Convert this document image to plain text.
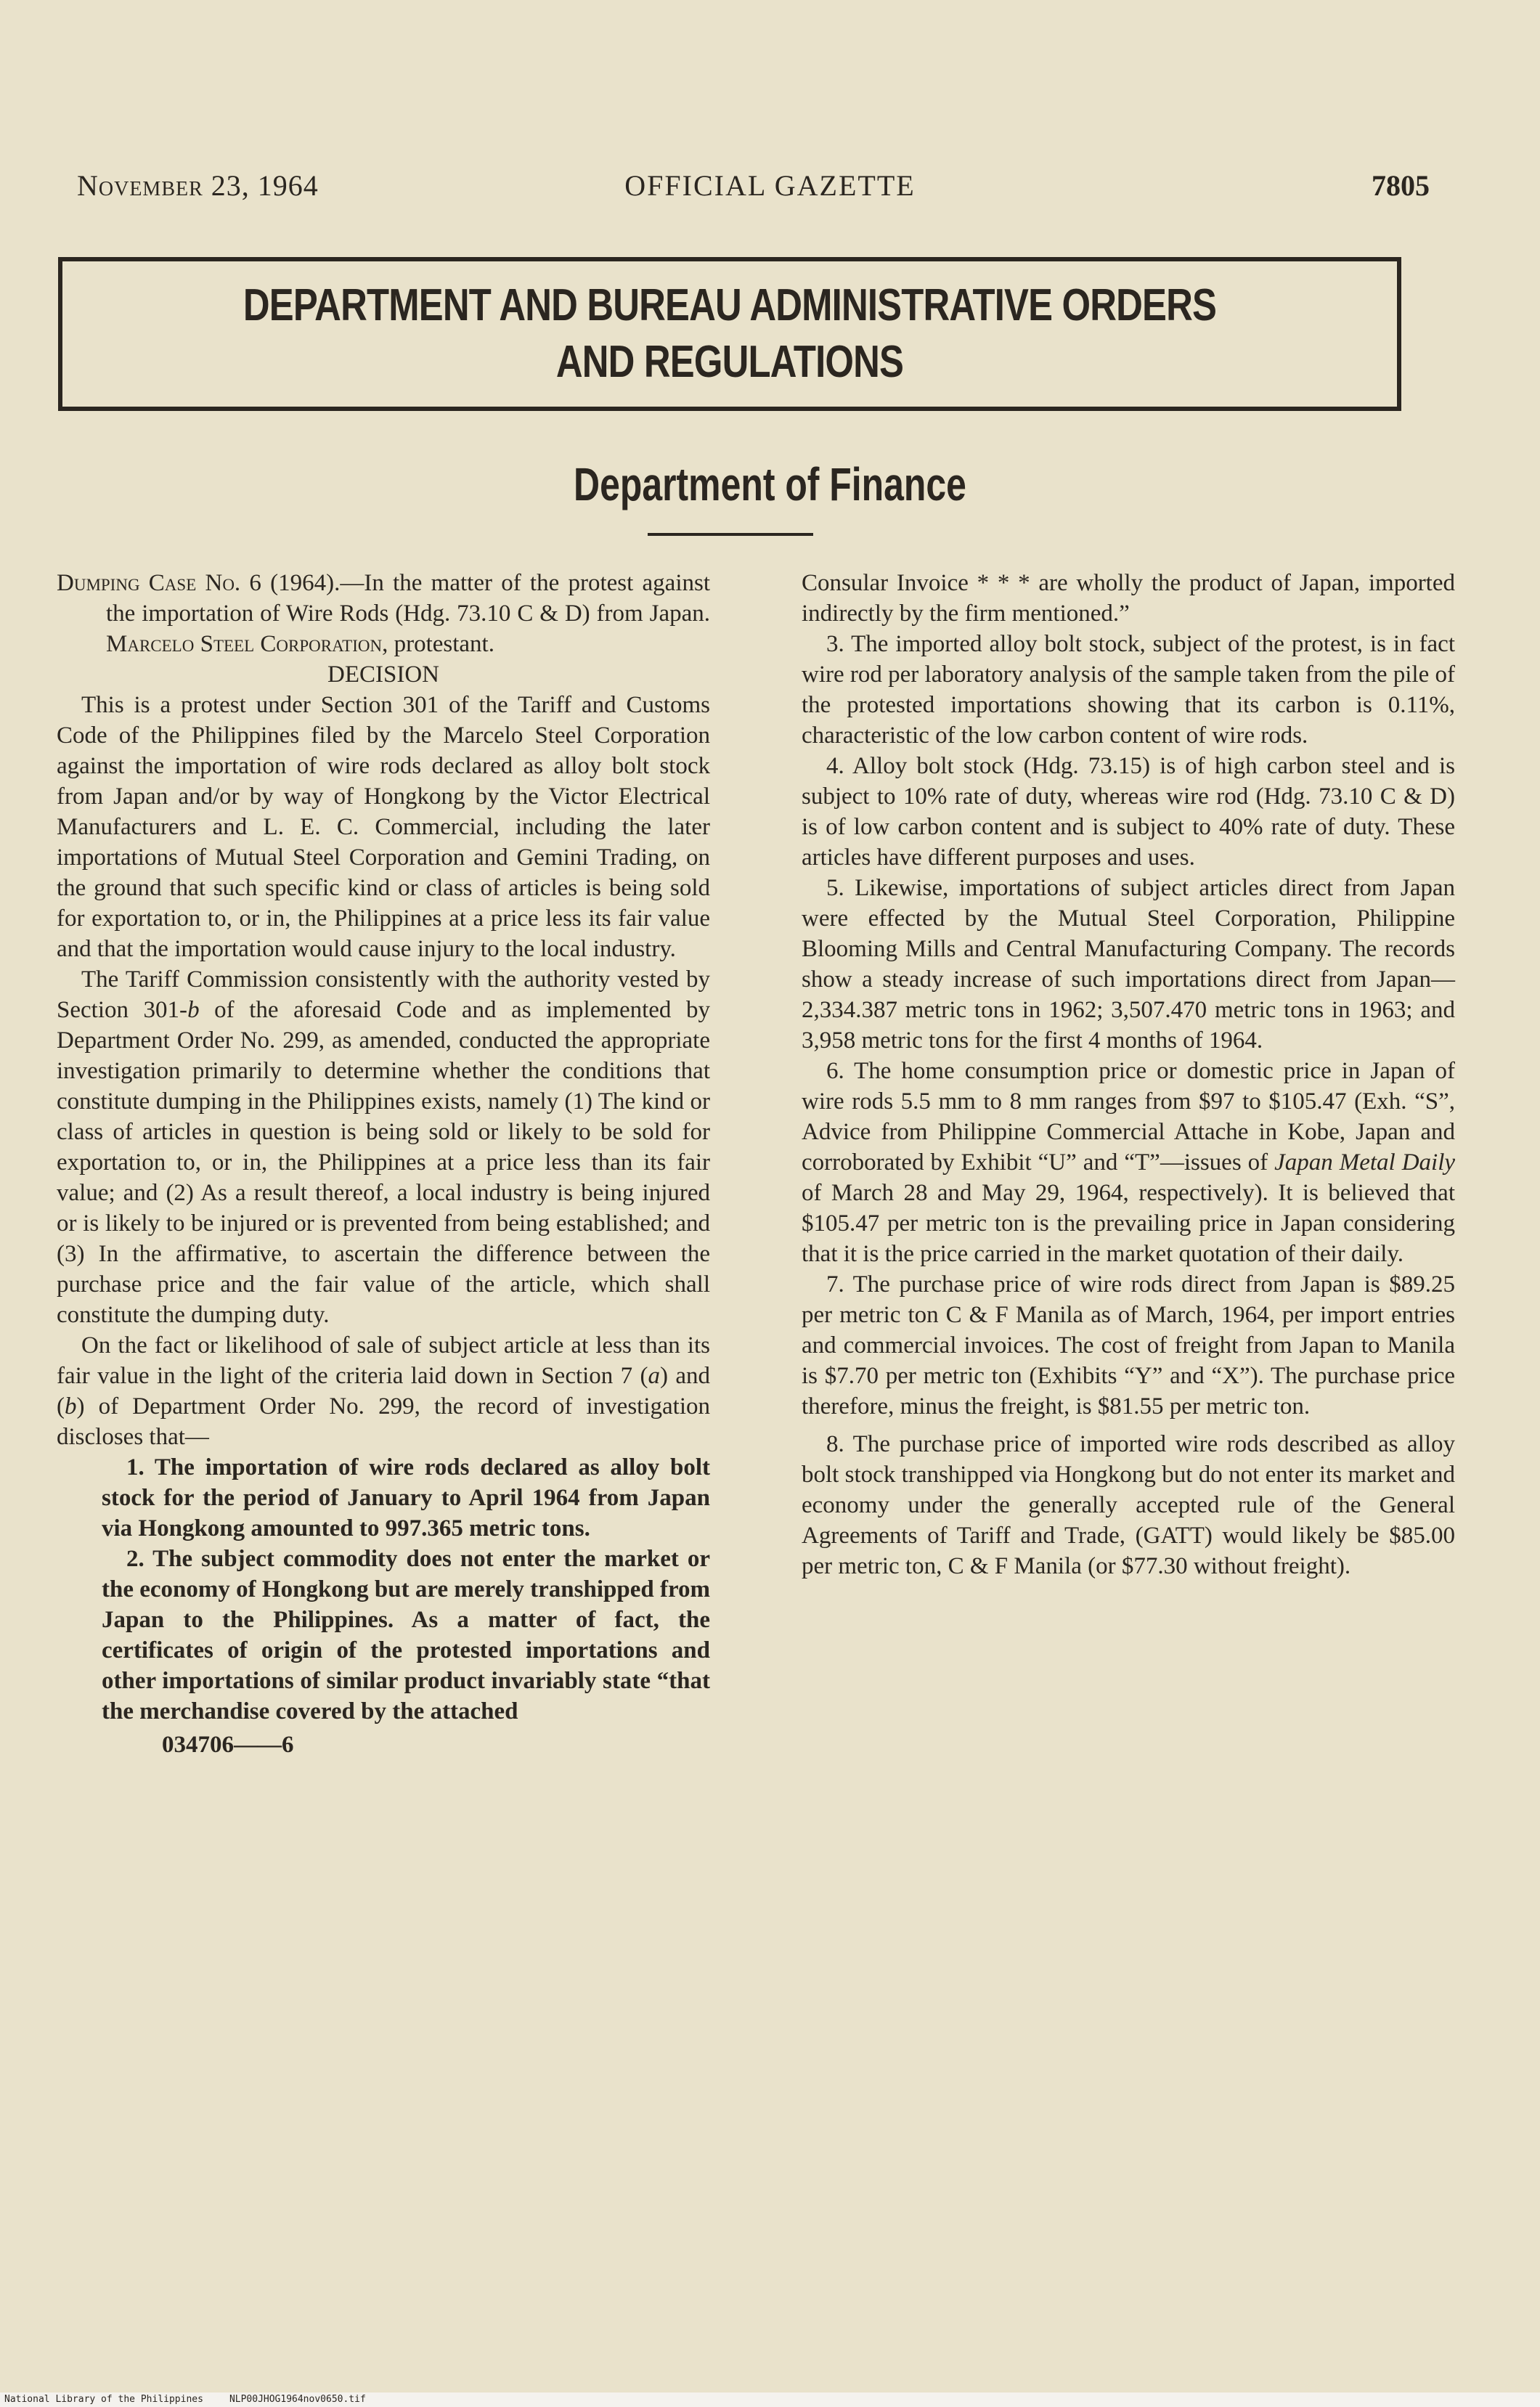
November 23, 1964	OFFICIAL GAZETTE	7805
DEPARTMENT AND BUREAU ADMINISTRATIVE ORDERS
AND REGULATIONS
Department of Finance

Dumping Case No. 6 (1964).—In the matter of the protest against the importation of Wire Rods (Hdg. 73.10 C & D) from Japan. Marcelo Steel Corporation, protestant.

DECISION

This is a protest under Section 301 of the Tariff and Customs Code of the Philippines filed by the Marcelo Steel Corporation against the importation of wire rods declared as alloy bolt stock from Japan and/or by way of Hongkong by the Victor Electrical Manufacturers and L. E. C. Commercial, including the later importations of Mutual Steel Corporation and Gemini Trading, on the ground that such specific kind or class of articles is being sold for exportation to, or in, the Philippines at a price less its fair value and that the importation would cause injury to the local industry.

The Tariff Commission consistently with the authority vested by Section 301-b of the aforesaid Code and as implemented by Department Order No. 299, as amended, conducted the appropriate investigation primarily to determine whether the conditions that constitute dumping in the Philippines exists, namely (1) The kind or class of articles in question is being sold or likely to be sold for exportation to, or in, the Philippines at a price less than its fair value; and (2) As a result thereof, a local industry is being injured or is likely to be injured or is prevented from being established; and (3) In the affirmative, to ascertain the difference between the purchase price and the fair value of the article, which shall constitute the dumping duty.

On the fact or likelihood of sale of subject article at less than its fair value in the light of the criteria laid down in Section 7 (a) and (b) of Department Order No. 299, the record of investigation discloses that—

1. The importation of wire rods declared as alloy bolt stock for the period of January to April 1964 from Japan via Hongkong amounted to 997.365 metric tons.

2. The subject commodity does not enter the market or the economy of Hongkong but are merely transhipped from Japan to the Philippines. As a matter of fact, the certificates of origin of the protested importations and other importations of similar product invariably state “that the merchandise covered by the attached

034706——6

Consular Invoice * * * are wholly the product of Japan, imported indirectly by the firm mentioned.”

3. The imported alloy bolt stock, subject of the protest, is in fact wire rod per laboratory analysis of the sample taken from the pile of the protested importations showing that its carbon is 0.11%, characteristic of the low carbon content of wire rods.

4. Alloy bolt stock (Hdg. 73.15) is of high carbon steel and is subject to 10% rate of duty, whereas wire rod (Hdg. 73.10 C & D) is of low carbon content and is subject to 40% rate of duty. These articles have different purposes and uses.

5. Likewise, importations of subject articles direct from Japan were effected by the Mutual Steel Corporation, Philippine Blooming Mills and Central Manufacturing Company. The records show a steady increase of such importations direct from Japan—2,334.387 metric tons in 1962; 3,507.470 metric tons in 1963; and 3,958 metric tons for the first 4 months of 1964.

6. The home consumption price or domestic price in Japan of wire rods 5.5 mm to 8 mm ranges from $97 to $105.47 (Exh. “S”, Advice from Philippine Commercial Attache in Kobe, Japan and corroborated by Exhibit “U” and “T”—issues of Japan Metal Daily of March 28 and May 29, 1964, respectively). It is believed that $105.47 per metric ton is the prevailing price in Japan considering that it is the price carried in the market quotation of their daily.

7. The purchase price of wire rods direct from Japan is $89.25 per metric ton C & F Manila as of March, 1964, per import entries and commercial invoices. The cost of freight from Japan to Manila is $7.70 per metric ton (Exhibits “Y” and “X”). The purchase price therefore, minus the freight, is $81.55 per metric ton.

8. The purchase price of imported wire rods described as alloy bolt stock transhipped via Hongkong but do not enter its market and economy under the generally accepted rule of the General Agreements of Tariff and Trade, (GATT) would likely be $85.00 per metric ton, C & F Manila (or $77.30 without freight).

National Library of the Philippines	NLP00JHOG1964nov0650.tif
